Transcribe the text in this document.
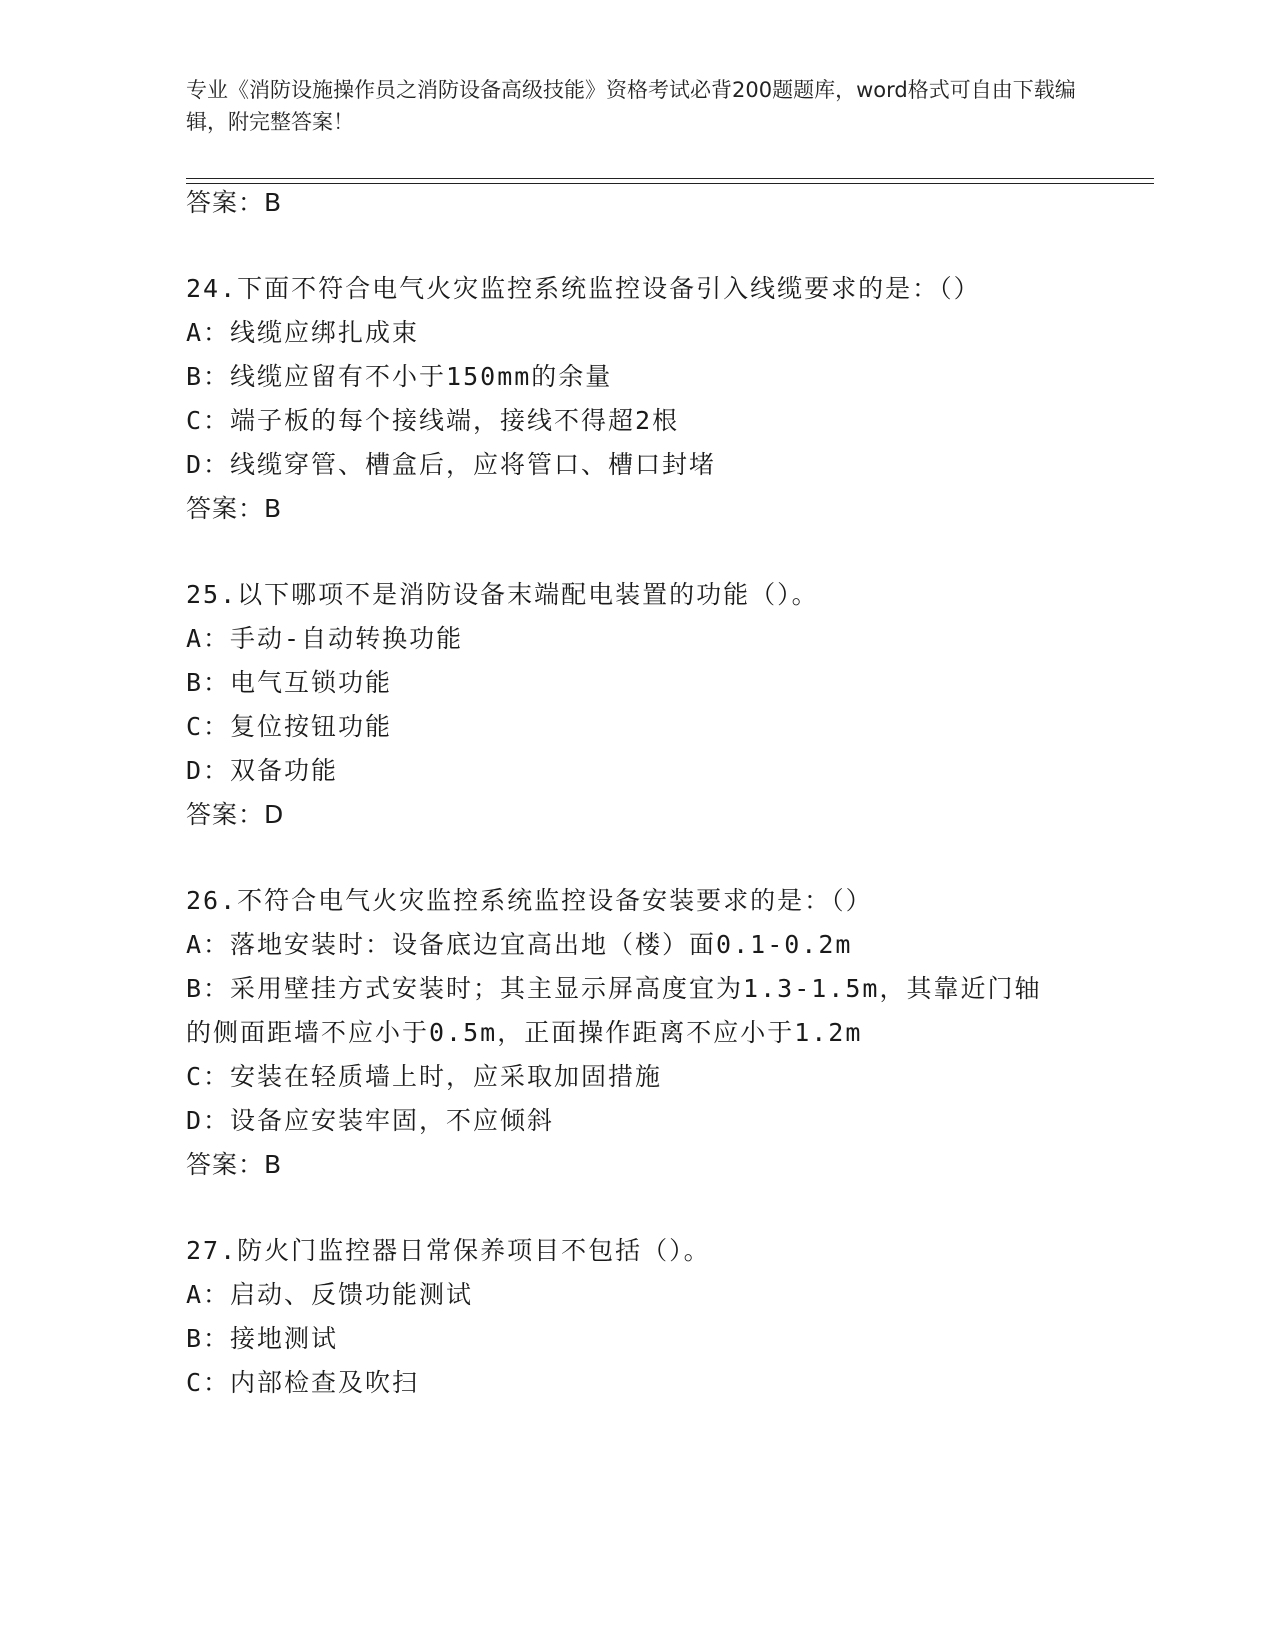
专业《消防设施操作员之消防设备高级技能》资格考试必背200题题库，word格式可自由下载编辑，附完整答案！
答案：B
24.下面不符合电气火灾监控系统监控设备引入线缆要求的是：（）
A：线缆应绑扎成束
B：线缆应留有不小于150mm的余量
C：端子板的每个接线端，接线不得超2根
D：线缆穿管、槽盒后，应将管口、槽口封堵
答案：B
25.以下哪项不是消防设备末端配电装置的功能（）。
A：手动-自动转换功能
B：电气互锁功能
C：复位按钮功能
D：双备功能
答案：D
26.不符合电气火灾监控系统监控设备安装要求的是：（）
A：落地安装时：设备底边宜高出地（楼）面0.1-0.2m
B：采用壁挂方式安装时；其主显示屏高度宜为1.3-1.5m，其靠近门轴
的侧面距墙不应小于0.5m，正面操作距离不应小于1.2m
C：安装在轻质墙上时，应采取加固措施
D：设备应安装牢固，不应倾斜
答案：B
27.防火门监控器日常保养项目不包括（）。
A：启动、反馈功能测试
B：接地测试
C：内部检查及吹扫
